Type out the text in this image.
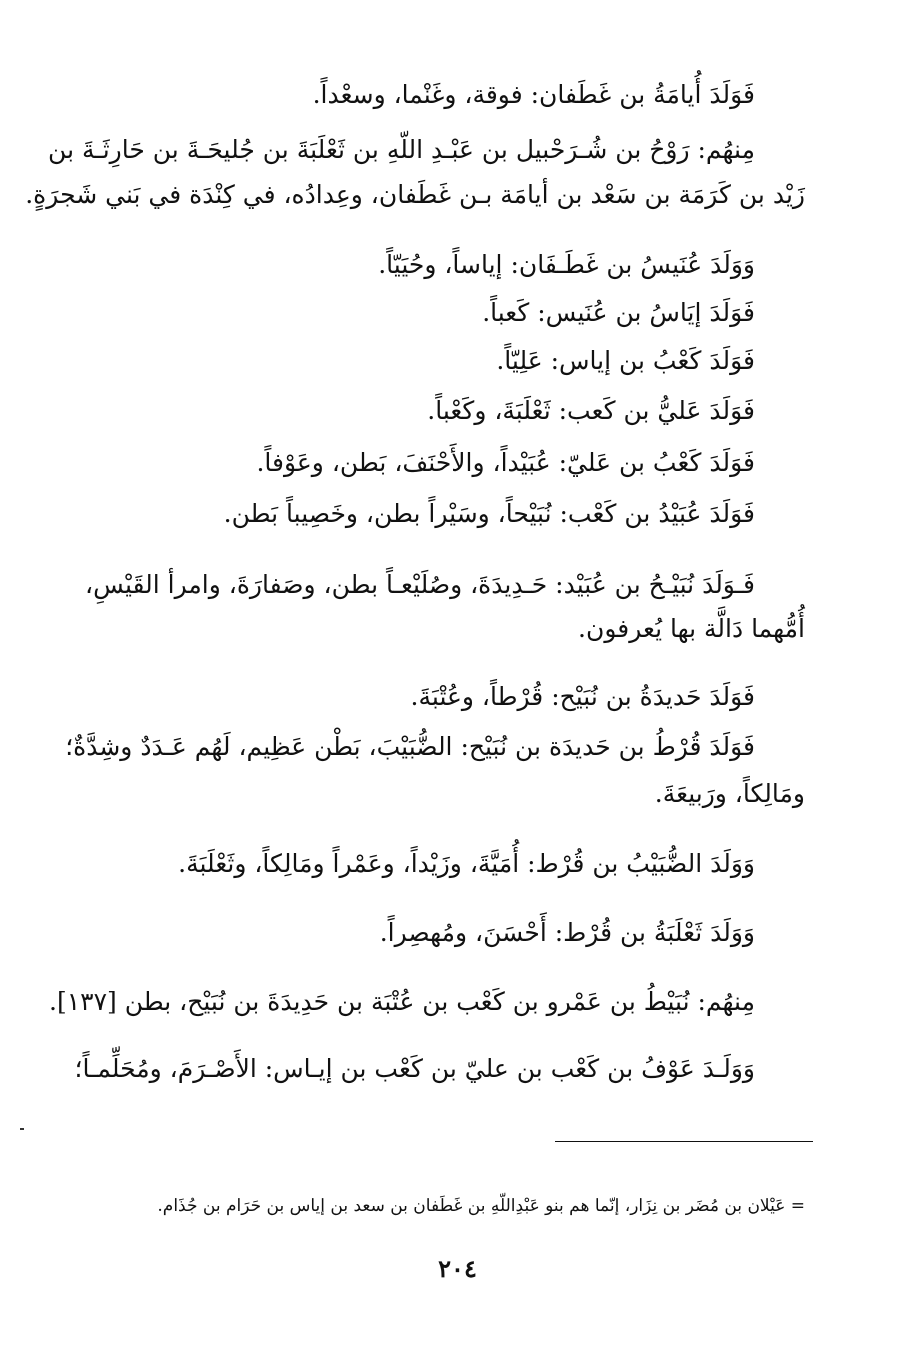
فَوَلَدَ أُيامَةُ بن غَطَفان: فوقة، وغَنْما، وسعْداً.
مِنهُم: رَوْحُ بن شُـرَحْبيل بن عَبْـدِ اللّهِ بن ثَعْلَبَةَ بن جُليحَـةَ بن حَارِثَـةَ بن
زَيْد بن كَرَمَة بن سَعْد بن أيامَة بـن غَطَفان، وعِدادُه، في كِنْدَة في بَني شَجرَةٍ.
وَوَلَدَ عُنَيسُ بن غَطَـفَان: إياساً، وحُيَيّاً.
فَوَلَدَ إيَاسُ بن عُنَيس: كَعباً.
فَوَلَدَ كَعْبُ بن إياس: عَلِيّاً.
فَوَلَدَ عَليُّ بن كَعب: ثَعْلَبَةَ، وكَعْباً.
فَوَلَدَ كَعْبُ بن عَليّ: عُبَيْداً، والأَحْنَفَ، بَطن، وعَوْفاً.
فَوَلَدَ عُبَيْدُ بن كَعْب: نُبَيْحاً، وسَيْراً بطن، وخَصِيباً بَطن.
فَـوَلَدَ نُبَيْـحُ بن عُبَيْد: حَـدِيدَةَ، وصُلَيْعـاً بطن، وصَفارَةَ، وامرأ القَيْسِ،
أُمُّهما دَالَّة بها يُعرفون.
فَوَلَدَ حَديدَةُ بن نُبَيْح: قُرْطاً، وعُتْبَةَ.
فَوَلَدَ قُرْطُ بن حَديدَة بن نُبَيْح: الضُّبَيْبَ، بَطْن عَظِيم، لَهُم عَـدَدٌ وشِدَّةٌ؛
ومَالِكاً، ورَبيعَةَ.
وَوَلَدَ الضُّبَيْبُ بن قُرْط: أُمَيَّةَ، وزَيْداً، وعَمْراً ومَالِكاً، وثَعْلَبَةَ.
وَوَلَدَ ثَعْلَبَةُ بن قُرْط: أَحْسَنَ، ومُهصِراً.
مِنهُم: نُبَيْطُ بن عَمْرو بن كَعْب بن عُتْبَة بن حَدِيدَةَ بن نُبَيْح، بطن [١٣٧].
وَوَلَـدَ عَوْفُ بن كَعْب بن عليّ بن كَعْب بن إيـاس: الأَصْـرَمَ، ومُحَلِّمـاً؛
= عَيْلان بن مُضَر بن نِزَار، إنّما هم بنو عَبْدِاللّهِ بن غَطَفان بن سعد بن إياس بن حَرَام بن جُذَام.
٢٠٤
